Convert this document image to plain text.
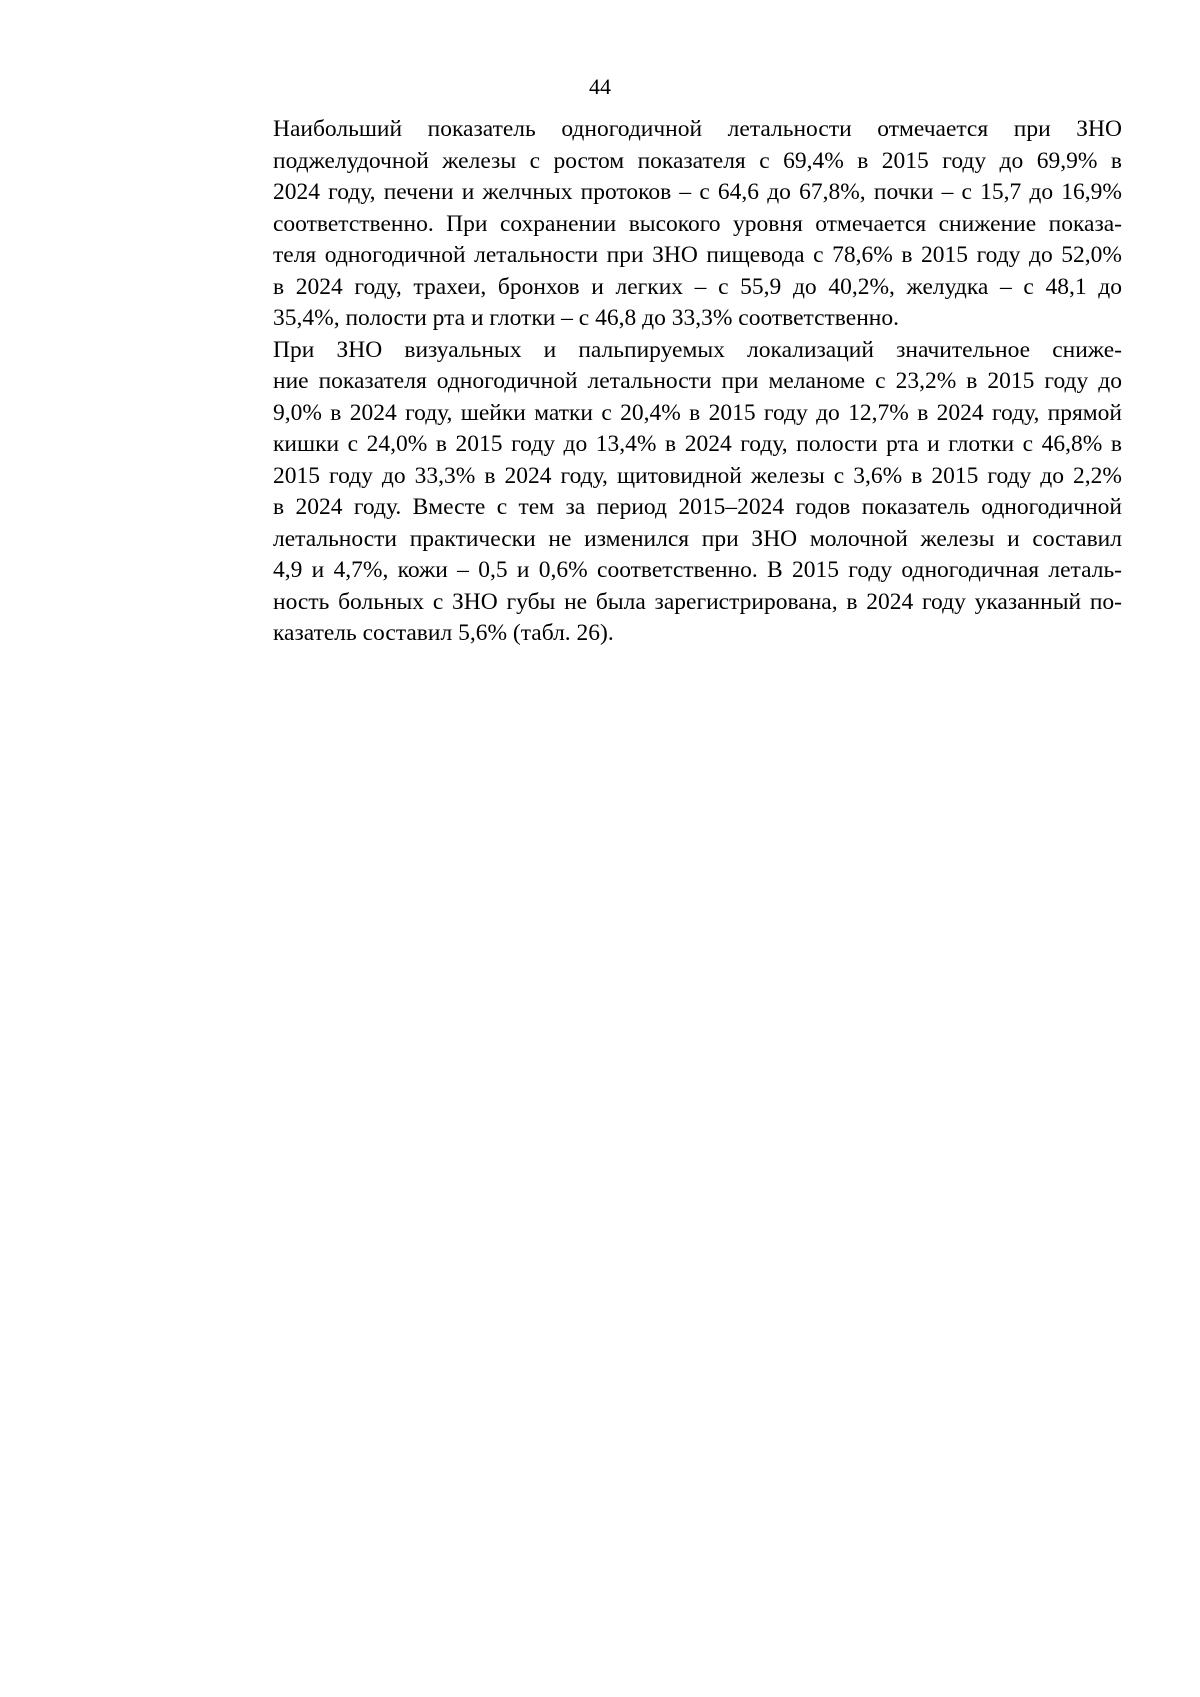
44

Наибольший показатель одногодичной летальности отмечается при ЗНО
поджелудочной железы с ростом показателя с 69,4% в 2015 году до 69,9% в
2024 году, печени и желчных протоков – с 64,6 до 67,8%, почки – с 15,7 до 16,9%
соответственно. При сохранении высокого уровня отмечается снижение показа-
теля одногодичной летальности при ЗНО пищевода с 78,6% в 2015 году до 52,0%
в 2024 году, трахеи, бронхов и легких – с 55,9 до 40,2%, желудка – с 48,1 до
35,4%, полости рта и глотки – с 46,8 до 33,3% соответственно.

При ЗНО визуальных и пальпируемых локализаций значительное сниже-
ние показателя одногодичной летальности при меланоме с 23,2% в 2015 году до
9,0% в 2024 году, шейки матки с 20,4% в 2015 году до 12,7% в 2024 году, прямой
кишки с 24,0% в 2015 году до 13,4% в 2024 году, полости рта и глотки с 46,8% в
2015 году до 33,3% в 2024 году, щитовидной железы с 3,6% в 2015 году до 2,2%
в 2024 году. Вместе с тем за период 2015–2024 годов показатель одногодичной
летальности практически не изменился при ЗНО молочной железы и составил
4,9 и 4,7%, кожи – 0,5 и 0,6% соответственно. В 2015 году одногодичная леталь-
ность больных с ЗНО губы не была зарегистрирована, в 2024 году указанный по-
казатель составил 5,6% (табл. 26).
